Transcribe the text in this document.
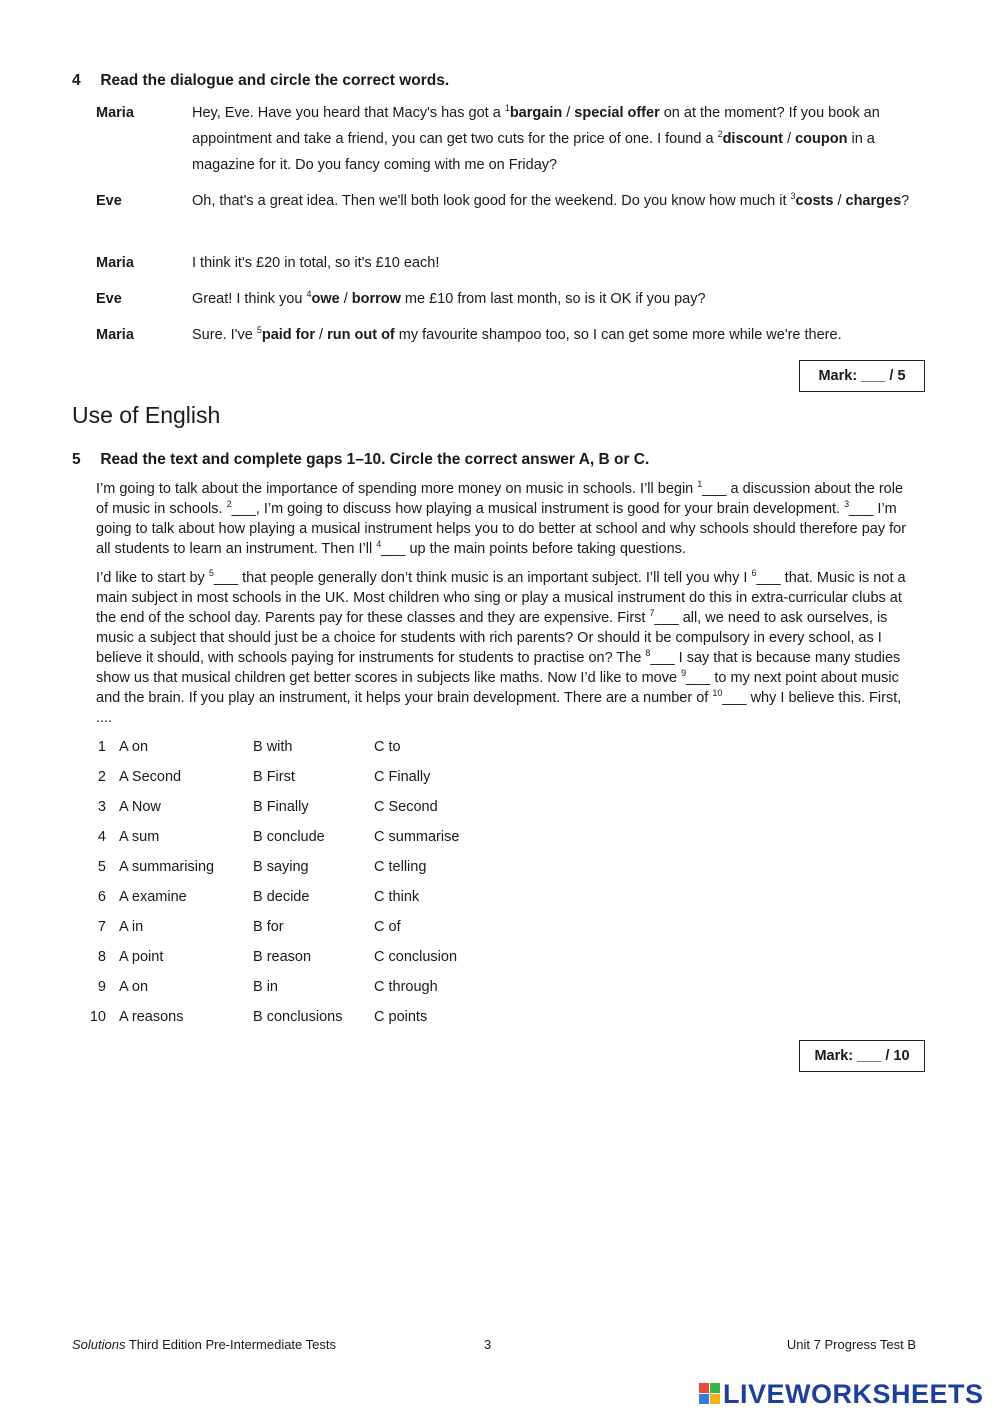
4 Read the dialogue and circle the correct words.
Maria	Hey, Eve. Have you heard that Macy's has got a $^1$bargain / special offer on at the moment? If you book an appointment and take a friend, you can get two cuts for the price of one. I found a $^2$discount / coupon in a magazine for it. Do you fancy coming with me on Friday?
Eve	Oh, that's a great idea. Then we'll both look good for the weekend. Do you know how much it $^3$costs / charges?
Maria	I think it's £20 in total, so it's £10 each!
Eve	Great! I think you $^4$owe / borrow me £10 from last month, so is it OK if you pay?
Maria	Sure. I've $^5$paid for / run out of my favourite shampoo too, so I can get some more while we're there.
Mark: ___ / 5
Use of English
5 Read the text and complete gaps 1–10. Circle the correct answer A, B or C.
I’m going to talk about the importance of spending more money on music in schools. I’ll begin $^1$___ a discussion about the role of music in schools. $^2$___, I’m going to discuss how playing a musical instrument is good for your brain development. $^3$___ I’m going to talk about how playing a musical instrument helps you to do better at school and why schools should therefore pay for all students to learn an instrument. Then I’ll $^4$___ up the main points before taking questions.
I’d like to start by $^5$___ that people generally don’t think music is an important subject. I’ll tell you why I $^6$___ that. Music is not a main subject in most schools in the UK. Most children who sing or play a musical instrument do this in extra-curricular clubs at the end of the school day. Parents pay for these classes and they are expensive. First $^7$___ all, we need to ask ourselves, is music a subject that should just be a choice for students with rich parents? Or should it be compulsory in every school, as I believe it should, with schools paying for instruments for students to practise on? The $^8$___ I say that is because many studies show us that musical children get better scores in subjects like maths. Now I’d like to move $^9$___ to my next point about music and the brain. If you play an instrument, it helps your brain development. There are a number of $^{10}$___ why I believe this. First, ....
1 A on	B with	C to
2 A Second	B First	C Finally
3 A Now	B Finally	C Second
4 A sum	B conclude	C summarise
5 A summarising	B saying	C telling
6 A examine	B decide	C think
7 A in	B for	C of
8 A point	B reason	C conclusion
9 A on	B in	C through
10 A reasons	B conclusions C points
Mark: ___ / 10
Solutions Third Edition Pre-Intermediate Tests	3	Unit 7 Progress Test B
LIVEWORKSHEETS
